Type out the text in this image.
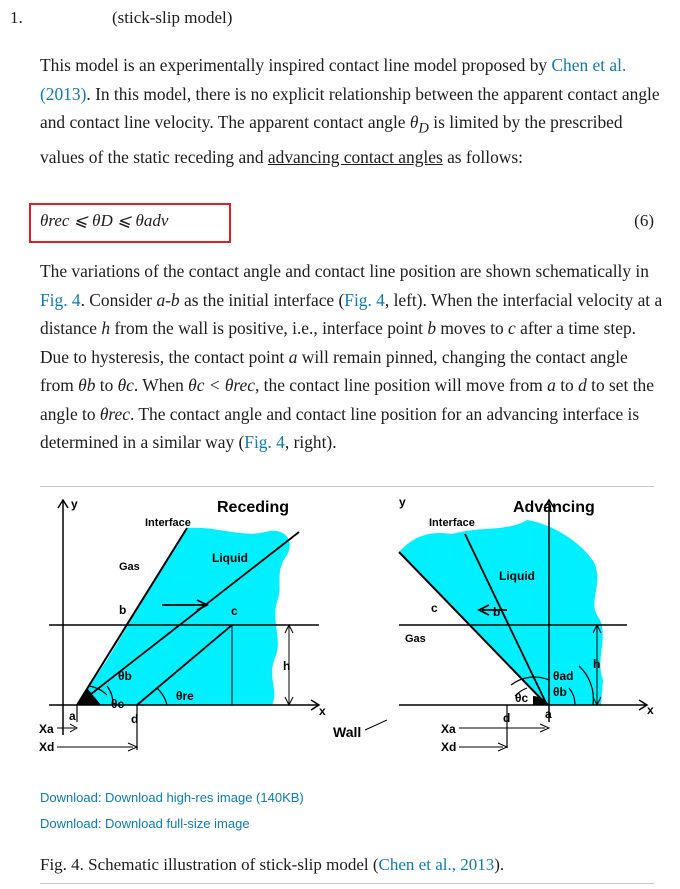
1.	(stick-slip model)
This model is an experimentally inspired contact line model proposed by Chen et al. (2013). In this model, there is no explicit relationship between the apparent contact angle and contact line velocity. The apparent contact angle $\theta_D$ is limited by the prescribed values of the static receding and advancing contact angles as follows:
θrec ⩽ θD ⩽ θadv	(6)
The variations of the contact angle and contact line position are shown schematically in Fig. 4. Consider a-b as the initial interface (Fig. 4, left). When the interfacial velocity at a distance h from the wall is positive, i.e., interface point b moves to c after a time step. Due to hysteresis, the contact point a will remain pinned, changing the contact angle from θb to θc. When θc < θrec, the contact line position will move from a to d to set the angle to θrec. The contact angle and contact line position for an advancing interface is determined in a similar way (Fig. 4, right).
y	Receding
Interface
Gas
Liquid
b	c
θb
θc
θre
a	d
h
x
Xa
Xd
Wall
y	Advancing
Interface
Liquid
Gas
c	b
θad
θb
θc
a
d
h
x
Xa
Xd
Download: Download high-res image (140KB)
Download: Download full-size image
Fig. 4. Schematic illustration of stick-slip model (Chen et al., 2013).
